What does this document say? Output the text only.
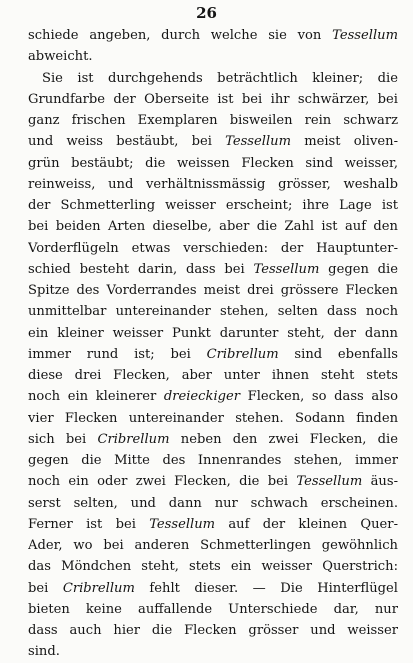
26
schiede angeben, durch welche sie von Tessellum
abweicht.
Sie ist durchgehends beträchtlich kleiner; die
Grundfarbe der Oberseite ist bei ihr schwärzer, bei
ganz frischen Exemplaren bisweilen rein schwarz
und weiss bestäubt, bei Tessellum meist oliven-
grün bestäubt; die weissen Flecken sind weisser,
reinweiss, und verhältnissmässig grösser, weshalb
der Schmetterling weisser erscheint; ihre Lage ist
bei beiden Arten dieselbe, aber die Zahl ist auf den
Vorderflügeln etwas verschieden: der Hauptunter-
schied besteht darin, dass bei Tessellum gegen die
Spitze des Vorderrandes meist drei grössere Flecken
unmittelbar untereinander stehen, selten dass noch
ein kleiner weisser Punkt darunter steht, der dann
immer rund ist; bei Cribrellum sind ebenfalls
diese drei Flecken, aber unter ihnen steht stets
noch ein kleinerer dreieckiger Flecken, so dass also
vier Flecken untereinander stehen. Sodann finden
sich bei Cribrellum neben den zwei Flecken, die
gegen die Mitte des Innenrandes stehen, immer
noch ein oder zwei Flecken, die bei Tessellum äus-
serst selten, und dann nur schwach erscheinen.
Ferner ist bei Tessellum auf der kleinen Quer-
Ader, wo bei anderen Schmetterlingen gewöhnlich
das Möndchen steht, stets ein weisser Querstrich:
bei Cribrellum fehlt dieser. — Die Hinterflügel
bieten keine auffallende Unterschiede dar, nur
dass auch hier die Flecken grösser und weisser
sind.
